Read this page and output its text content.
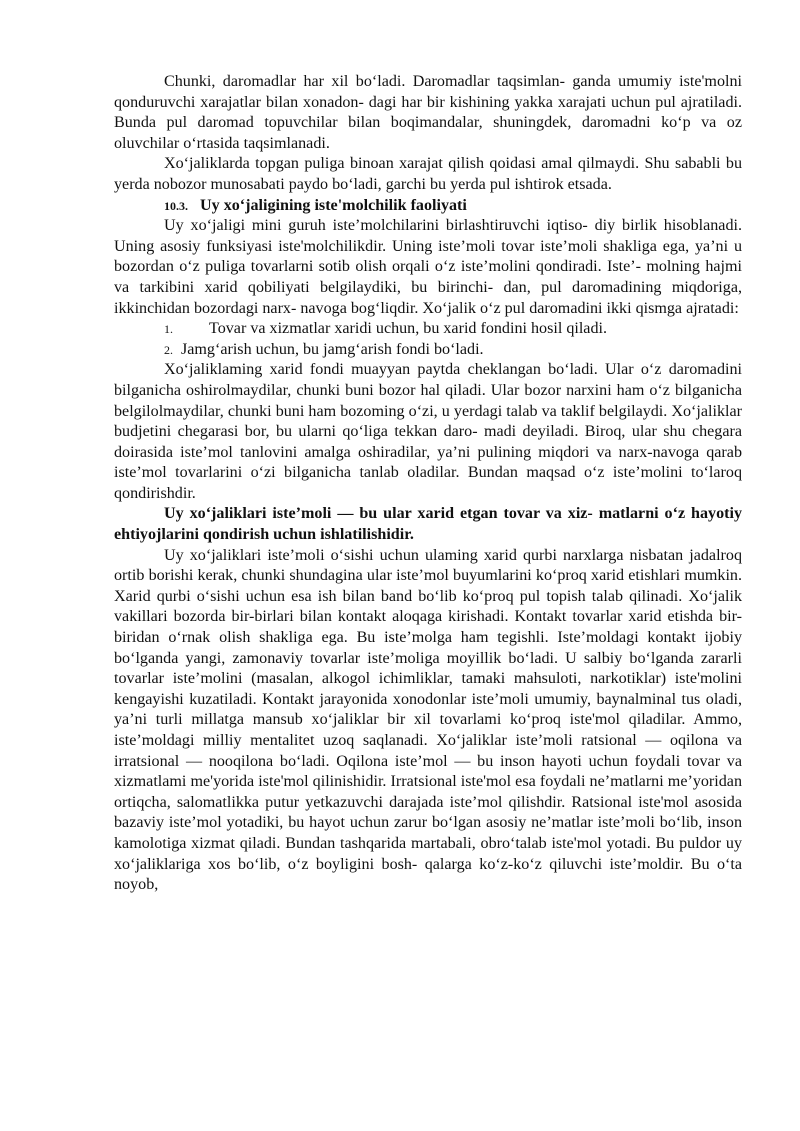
Chunki, daromadlar har xil bo‘ladi. Daromadlar taqsimlan- ganda umumiy iste'molni qonduruvchi xarajatlar bilan xonadon- dagi har bir kishining yakka xarajati uchun pul ajratiladi. Bunda pul daromad topuvchilar bilan boqimandalar, shuningdek, daromadni ko‘p va oz oluvchilar o‘rtasida taqsimlanadi.

Xo‘jaliklarda topgan puliga binoan xarajat qilish qoidasi amal qilmaydi. Shu sababli bu yerda nobozor munosabati paydo bo‘ladi, garchi bu yerda pul ishtirok etsada.

10.3. Uy xo‘jaligining iste'molchilik faoliyati

Uy xo‘jaligi mini guruh iste’molchilarini birlashtiruvchi iqtiso- diy birlik hisoblanadi. Uning asosiy funksiyasi iste'molchilikdir. Uning iste’moli tovar iste’moli shakliga ega, ya’ni u bozordan o‘z puliga tovarlarni sotib olish orqali o‘z iste’molini qondiradi. Iste’- molning hajmi va tarkibini xarid qobiliyati belgilaydiki, bu birinchi- dan, pul daromadining miqdoriga, ikkinchidan bozordagi narx- navoga bog‘liqdir. Xo‘jalik o‘z pul daromadini ikki qismga ajratadi:

1. Tovar va xizmatlar xaridi uchun, bu xarid fondini hosil qiladi.

2. Jamg‘arish uchun, bu jamg‘arish fondi bo‘ladi.

Xo‘jaliklaming xarid fondi muayyan paytda cheklangan bo‘ladi. Ular o‘z daromadini bilganicha oshirolmaydilar, chunki buni bozor hal qiladi. Ular bozor narxini ham o‘z bilganicha belgilolmaydilar, chunki buni ham bozoming o‘zi, u yerdagi talab va taklif belgilaydi. Xo‘jaliklar budjetini chegarasi bor, bu ularni qo‘liga tekkan daro- madi deyiladi. Biroq, ular shu chegara doirasida iste’mol tanlovini amalga oshiradilar, ya’ni pulining miqdori va narx-navoga qarab iste’mol tovarlarini o‘zi bilganicha tanlab oladilar. Bundan maqsad o‘z iste’molini to‘laroq qondirishdir.

Uy xo‘jaliklari iste’moli — bu ular xarid etgan tovar va xiz- matlarni o‘z hayotiy ehtiyojlarini qondirish uchun ishlatilishidir.

Uy xo‘jaliklari iste’moli o‘sishi uchun ulaming xarid qurbi narxlarga nisbatan jadalroq ortib borishi kerak, chunki shundagina ular iste’mol buyumlarini ko‘proq xarid etishlari mumkin. Xarid qurbi o‘sishi uchun esa ish bilan band bo‘lib ko‘proq pul topish talab qilinadi. Xo‘jalik vakillari bozorda bir-birlari bilan kontakt aloqaga kirishadi. Kontakt tovarlar xarid etishda bir-biridan o‘rnak olish shakliga ega. Bu iste’molga ham tegishli. Iste’moldagi kontakt ijobiy bo‘lganda yangi, zamonaviy tovarlar iste’moliga moyillik bo‘ladi. U salbiy bo‘lganda zararli tovarlar iste’molini (masalan, alkogol ichimliklar, tamaki mahsuloti, narkotiklar) iste'molini kengayishi kuzatiladi. Kontakt jarayonida xonodonlar iste’moli umumiy, baynalminal tus oladi, ya’ni turli millatga mansub xo‘jaliklar bir xil tovarlami ko‘proq iste'mol qiladilar. Ammo, iste’moldagi milliy mentalitet uzoq saqlanadi. Xo‘jaliklar iste’moli ratsional — oqilona va irratsional — nooqilona bo‘ladi. Oqilona iste’mol — bu inson hayoti uchun foydali tovar va xizmatlami me'yorida iste'mol qilinishidir. Irratsional iste'mol esa foydali ne’matlarni me’yoridan ortiqcha, salomatlikka putur yetkazuvchi darajada iste’mol qilishdir. Ratsional iste'mol asosida bazaviy iste’mol yotadiki, bu hayot uchun zarur bo‘lgan asosiy ne’matlar iste’moli bo‘lib, inson kamolotiga xizmat qiladi. Bundan tashqarida martabali, obro‘talab iste'mol yotadi. Bu puldor uy xo‘jaliklariga xos bo‘lib, o‘z boyligini bosh- qalarga ko‘z-ko‘z qiluvchi iste’moldir. Bu o‘ta noyob,
